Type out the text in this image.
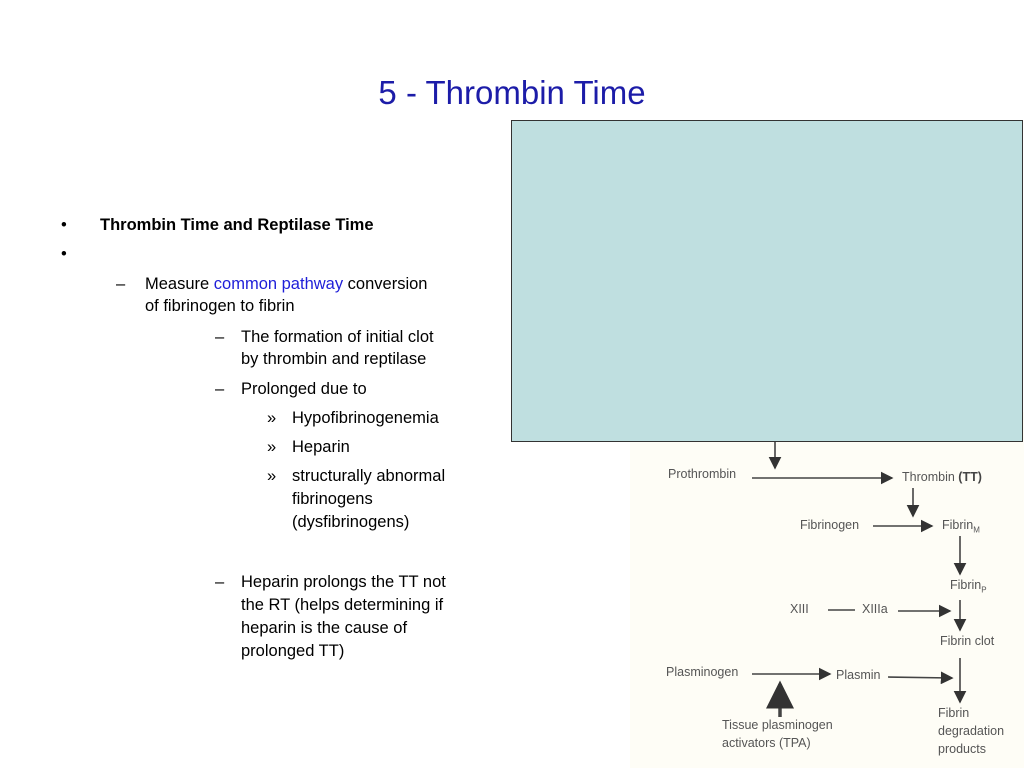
5 - Thrombin Time
• Thrombin Time and Reptilase Time
•
– Measure common pathway conversion
of fibrinogen to fibrin
– The formation of initial clot
by thrombin and reptilase
– Prolonged due to
» Hypofibrinogenemia
» Heparin
» structurally abnormal
fibrinogens
(dysfibrinogens)
– Heparin prolongs the TT not
the RT (helps determining if
heparin is the cause of
prolonged TT)
Prothrombin	Thrombin (TT)
Fibrinogen	Fibrin$_M$
Fibrin$_P$
XIII	XIIIa
Fibrin clot
Plasminogen	Plasmin
Tissue plasminogen
activators (TPA)
Fibrin
degradation
products
